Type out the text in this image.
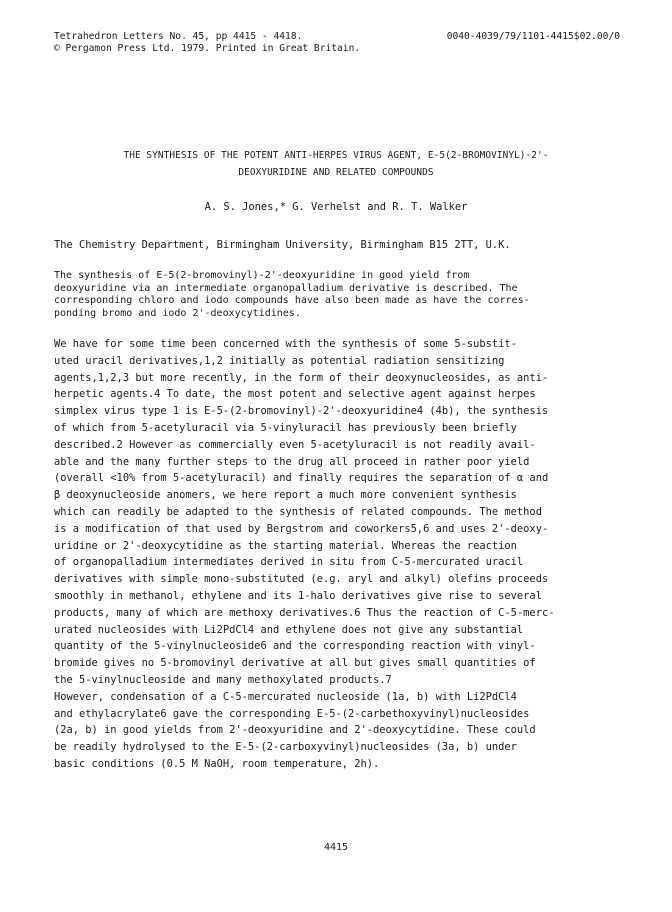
Tetrahedron Letters No. 45, pp 4415 - 4418.
© Pergamon Press Ltd. 1979. Printed in Great Britain.
0040-4039/79/1101-4415$02.00/0
THE SYNTHESIS OF THE POTENT ANTI-HERPES VIRUS AGENT, E-5(2-BROMOVINYL)-2'-
DEOXYURIDINE AND RELATED COMPOUNDS
A. S. Jones,* G. Verhelst and R. T. Walker
The Chemistry Department, Birmingham University, Birmingham B15 2TT, U.K.
The synthesis of E-5(2-bromovinyl)-2'-deoxyuridine in good yield from
deoxyuridine via an intermediate organopalladium derivative is described. The
corresponding chloro and iodo compounds have also been made as have the corres-
ponding bromo and iodo 2'-deoxycytidines.
We have for some time been concerned with the synthesis of some 5-substit-
uted uracil derivatives,1,2 initially as potential radiation sensitizing
agents,1,2,3 but more recently, in the form of their deoxynucleosides, as anti-
herpetic agents.4 To date, the most potent and selective agent against herpes
simplex virus type 1 is E-5-(2-bromovinyl)-2'-deoxyuridine4 (4b), the synthesis
of which from 5-acetyluracil via 5-vinyluracil has previously been briefly
described.2 However as commercially even 5-acetyluracil is not readily avail-
able and the many further steps to the drug all proceed in rather poor yield
(overall <10% from 5-acetyluracil) and finally requires the separation of α and
β deoxynucleoside anomers, we here report a much more convenient synthesis
which can readily be adapted to the synthesis of related compounds. The method
is a modification of that used by Bergstrom and coworkers5,6 and uses 2'-deoxy-
uridine or 2'-deoxycytidine as the starting material. Whereas the reaction
of organopalladium intermediates derived in situ from C-5-mercurated uracil
derivatives with simple mono-substituted (e.g. aryl and alkyl) olefins proceeds
smoothly in methanol, ethylene and its 1-halo derivatives give rise to several
products, many of which are methoxy derivatives.6 Thus the reaction of C-5-merc-
urated nucleosides with Li2PdCl4 and ethylene does not give any substantial
quantity of the 5-vinylnucleoside6 and the corresponding reaction with vinyl-
bromide gives no 5-bromovinyl derivative at all but gives small quantities of
the 5-vinylnucleoside and many methoxylated products.7
However, condensation of a C-5-mercurated nucleoside (1a, b) with Li2PdCl4
and ethylacrylate6 gave the corresponding E-5-(2-carbethoxyvinyl)nucleosides
(2a, b) in good yields from 2'-deoxyuridine and 2'-deoxycytidine. These could
be readily hydrolysed to the E-5-(2-carboxyvinyl)nucleosides (3a, b) under
basic conditions (0.5 M NaOH, room temperature, 2h).
4415
